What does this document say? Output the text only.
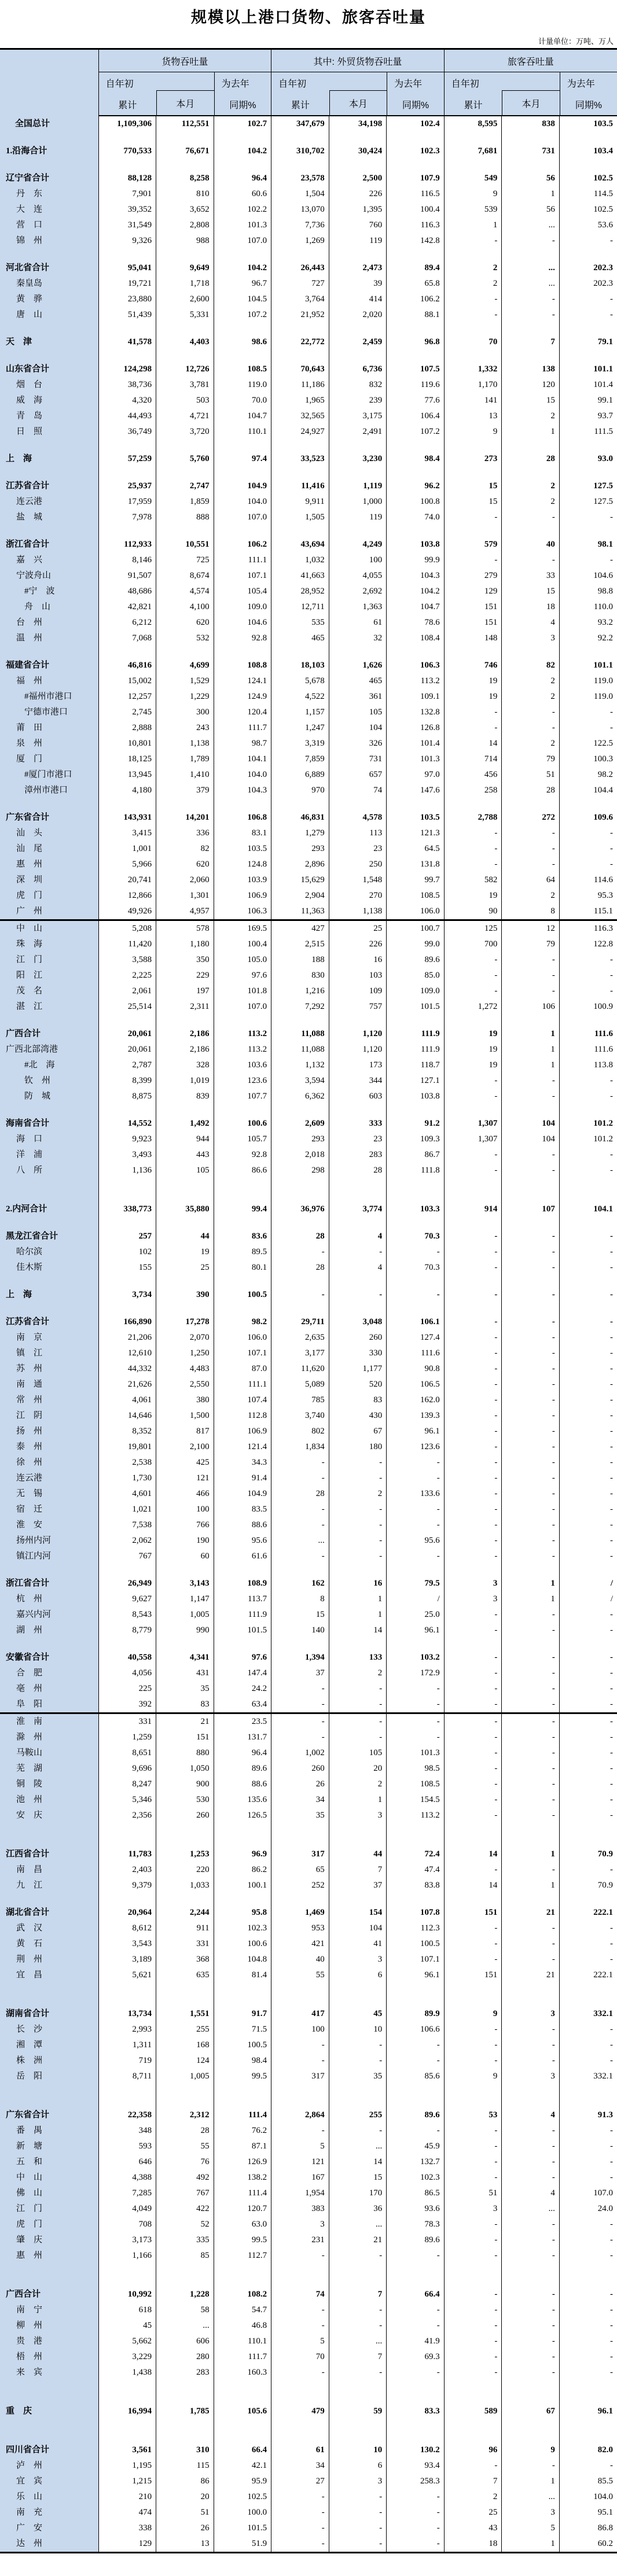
规模以上港口货物、旅客吞吐量
计量单位：万吨、万人
	货物吞吐量			其中: 外贸货物吞吐量			旅客吞吐量		

自年初
累计	本月
为去年
同期%

自年初
累计	本月
为去年
同期%

自年初
累计	本月
为去年
同期%

全国总计	1,109,306	112,551	102.7	347,679	34,198	102.4	8,595	838	103.5

1.沿海合计	770,533	76,671	104.2	310,702	30,424	102.3	7,681	731	103.4

辽宁省合计	88,128	8,258	96.4	23,578	2,500	107.9	549	56	102.5
丹　东	7,901	810	60.6	1,504	226	116.5	9	1	114.5
大　连	39,352	3,652	102.2	13,070	1,395	100.4	539	56	102.5
营　口	31,549	2,808	101.3	7,736	760	116.3	1	...	53.6
锦　州	9,326	988	107.0	1,269	119	142.8	-	-	-

河北省合计	95,041	9,649	104.2	26,443	2,473	89.4	2	...	202.3
秦皇岛	19,721	1,718	96.7	727	39	65.8	2	...	202.3
黄　骅	23,880	2,600	104.5	3,764	414	106.2	-	-	-
唐　山	51,439	5,331	107.2	21,952	2,020	88.1	-	-	-

天　津	41,578	4,403	98.6	22,772	2,459	96.8	70	7	79.1

山东省合计	124,298	12,726	108.5	70,643	6,736	107.5	1,332	138	101.1
烟　台	38,736	3,781	119.0	11,186	832	119.6	1,170	120	101.4
威　海	4,320	503	70.0	1,965	239	77.6	141	15	99.1
青　岛	44,493	4,721	104.7	32,565	3,175	106.4	13	2	93.7
日　照	36,749	3,720	110.1	24,927	2,491	107.2	9	1	111.5

上　海	57,259	5,760	97.4	33,523	3,230	98.4	273	28	93.0

江苏省合计	25,937	2,747	104.9	11,416	1,119	96.2	15	2	127.5
连云港	17,959	1,859	104.0	9,911	1,000	100.8	15	2	127.5
盐　城	7,978	888	107.0	1,505	119	74.0	-	-	-

浙江省合计	112,933	10,551	106.2	43,694	4,249	103.8	579	40	98.1
嘉　兴	8,146	725	111.1	1,032	100	99.9	-	-	-
宁波舟山	91,507	8,674	107.1	41,663	4,055	104.3	279	33	104.6
#宁　波	48,686	4,574	105.4	28,952	2,692	104.2	129	15	98.8
舟　山	42,821	4,100	109.0	12,711	1,363	104.7	151	18	110.0
台　州	6,212	620	104.6	535	61	78.6	151	4	93.2
温　州	7,068	532	92.8	465	32	108.4	148	3	92.2

福建省合计	46,816	4,699	108.8	18,103	1,626	106.3	746	82	101.1
福　州	15,002	1,529	124.1	5,678	465	113.2	19	2	119.0
#福州市港口	12,257	1,229	124.9	4,522	361	109.1	19	2	119.0
宁德市港口	2,745	300	120.4	1,157	105	132.8	-	-	-
莆　田	2,888	243	111.7	1,247	104	126.8	-	-	-
泉　州	10,801	1,138	98.7	3,319	326	101.4	14	2	122.5
厦　门	18,125	1,789	104.1	7,859	731	101.3	714	79	100.3
#厦门市港口	13,945	1,410	104.0	6,889	657	97.0	456	51	98.2
漳州市港口	4,180	379	104.3	970	74	147.6	258	28	104.4

广东省合计	143,931	14,201	106.8	46,831	4,578	103.5	2,788	272	109.6
汕　头	3,415	336	83.1	1,279	113	121.3	-	-	-
汕　尾	1,001	82	103.5	293	23	64.5	-	-	-
惠　州	5,966	620	124.8	2,896	250	131.8	-	-	-
深　圳	20,741	2,060	103.9	15,629	1,548	99.7	582	64	114.6
虎　门	12,866	1,301	106.9	2,904	270	108.5	19	2	95.3
广　州	49,926	4,957	106.3	11,363	1,138	106.0	90	8	115.1
中　山	5,208	578	169.5	427	25	100.7	125	12	116.3
珠　海	11,420	1,180	100.4	2,515	226	99.0	700	79	122.8
江　门	3,588	350	105.0	188	16	89.6	-	-	-
阳　江	2,225	229	97.6	830	103	85.0	-	-	-
茂　名	2,061	197	101.8	1,216	109	109.0	-	-	-
湛　江	25,514	2,311	107.0	7,292	757	101.5	1,272	106	100.9

广西合计	20,061	2,186	113.2	11,088	1,120	111.9	19	1	111.6
广西北部湾港	20,061	2,186	113.2	11,088	1,120	111.9	19	1	111.6
#北　海	2,787	328	103.6	1,132	173	118.7	19	1	113.8
钦　州	8,399	1,019	123.6	3,594	344	127.1	-	-	-
防　城	8,875	839	107.7	6,362	603	103.8	-	-	-

海南省合计	14,552	1,492	100.6	2,609	333	91.2	1,307	104	101.2
海　口	9,923	944	105.7	293	23	109.3	1,307	104	101.2
洋　浦	3,493	443	92.8	2,018	283	86.7	-	-	-
八　所	1,136	105	86.6	298	28	111.8	-	-	-

2.内河合计	338,773	35,880	99.4	36,976	3,774	103.3	914	107	104.1

黑龙江省合计	257	44	83.6	28	4	70.3	-	-	-
哈尔滨	102	19	89.5	-	-	-	-	-	-
佳木斯	155	25	80.1	28	4	70.3	-	-	-

上　海	3,734	390	100.5	-	-	-	-	-	-

江苏省合计	166,890	17,278	98.2	29,711	3,048	106.1	-	-	-
南　京	21,206	2,070	106.0	2,635	260	127.4	-	-	-
镇　江	12,610	1,250	107.1	3,177	330	111.6	-	-	-
苏　州	44,332	4,483	87.0	11,620	1,177	90.8	-	-	-
南　通	21,626	2,550	111.1	5,089	520	106.5	-	-	-
常　州	4,061	380	107.4	785	83	162.0	-	-	-
江　阴	14,646	1,500	112.8	3,740	430	139.3	-	-	-
扬　州	8,352	817	106.9	802	67	96.1	-	-	-
泰　州	19,801	2,100	121.4	1,834	180	123.6	-	-	-
徐　州	2,538	425	34.3	-	-	-	-	-	-
连云港	1,730	121	91.4	-	-	-	-	-	-
无　锡	4,601	466	104.9	28	2	133.6	-	-	-
宿　迁	1,021	100	83.5	-	-	-	-	-	-
淮　安	7,538	766	88.6	-	-	-	-	-	-
扬州内河	2,062	190	95.6	...	-	95.6	-	-	-
镇江内河	767	60	61.6	-	-	-	-	-	-

浙江省合计	26,949	3,143	108.9	162	16	79.5	3	1	/
杭　州	9,627	1,147	113.7	8	1	/	3	1	/
嘉兴内河	8,543	1,005	111.9	15	1	25.0	-	-	-
湖　州	8,779	990	101.5	140	14	96.1	-	-	-

安徽省合计	40,558	4,341	97.6	1,394	133	103.2	-	-	-
合　肥	4,056	431	147.4	37	2	172.9	-	-	-
亳　州	225	35	24.2	-	-	-	-	-	-
阜　阳	392	83	63.4	-	-	-	-	-	-
淮　南	331	21	23.5	-	-	-	-	-	-
滁　州	1,259	151	131.7	-	-	-	-	-	-
马鞍山	8,651	880	96.4	1,002	105	101.3	-	-	-
芜　湖	9,696	1,050	89.6	260	20	98.5	-	-	-
铜　陵	8,247	900	88.6	26	2	108.5	-	-	-
池　州	5,346	530	135.6	34	1	154.5	-	-	-
安　庆	2,356	260	126.5	35	3	113.2	-	-	-

江西省合计	11,783	1,253	96.9	317	44	72.4	14	1	70.9
南　昌	2,403	220	86.2	65	7	47.4	-	-	-
九　江	9,379	1,033	100.1	252	37	83.8	14	1	70.9

湖北省合计	20,964	2,244	95.8	1,469	154	107.8	151	21	222.1
武　汉	8,612	911	102.3	953	104	112.3	-	-	-
黄　石	3,543	331	100.6	421	41	100.5	-	-	-
荆　州	3,189	368	104.8	40	3	107.1	-	-	-
宜　昌	5,621	635	81.4	55	6	96.1	151	21	222.1

湖南省合计	13,734	1,551	91.7	417	45	89.9	9	3	332.1
长　沙	2,993	255	71.5	100	10	106.6	-	-	-
湘　潭	1,311	168	100.5	-	-	-	-	-	-
株　洲	719	124	98.4	-	-	-	-	-	-
岳　阳	8,711	1,005	99.5	317	35	85.6	9	3	332.1

广东省合计	22,358	2,312	111.4	2,864	255	89.6	53	4	91.3
番　禺	348	28	76.2	-	-	-	-	-	-
新　塘	593	55	87.1	5	...	45.9	-	-	-
五　和	646	76	126.9	121	14	132.7	-	-	-
中　山	4,388	492	138.2	167	15	102.3	-	-	-
佛　山	7,285	767	111.4	1,954	170	86.5	51	4	107.0
江　门	4,049	422	120.7	383	36	93.6	3	...	24.0
虎　门	708	52	63.0	3	...	78.3	-	-	-
肇　庆	3,173	335	99.5	231	21	89.6	-	-	-
惠　州	1,166	85	112.7	-	-	-	-	-	-

广西合计	10,992	1,228	108.2	74	7	66.4	-	-	-
南　宁	618	58	54.7	-	-	-	-	-	-
柳　州	45	...	46.8	-	-	-	-	-	-
贵　港	5,662	606	110.1	5	...	41.9	-	-	-
梧　州	3,229	280	111.7	70	7	69.3	-	-	-
来　宾	1,438	283	160.3	-	-	-	-	-	-

重　庆	16,994	1,785	105.6	479	59	83.3	589	67	96.1

四川省合计	3,561	310	66.4	61	10	130.2	96	9	82.0
泸　州	1,195	115	42.1	34	6	93.4	-	-	-
宜　宾	1,215	86	95.9	27	3	258.3	7	1	85.5
乐　山	210	20	102.5	-	-	-	2	...	104.0
南　充	474	51	100.0	-	-	-	25	3	95.1
广　安	338	26	101.5	-	-	-	43	5	86.8
达　州	129	13	51.9	-	-	-	18	1	60.2
